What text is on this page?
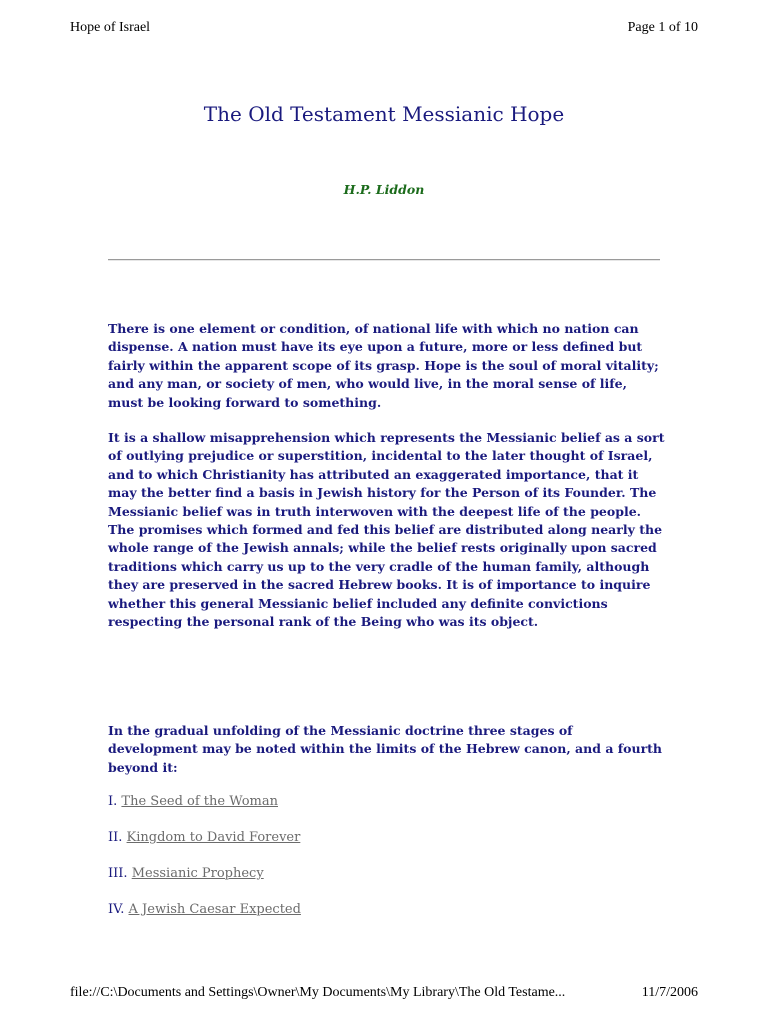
Hope of Israel	Page 1 of 10
The Old Testament Messianic Hope
H.P. Liddon

There is one element or condition, of national life with which no nation can dispense. A nation must have its eye upon a future, more or less defined but fairly within the apparent scope of its grasp. Hope is the soul of moral vitality; and any man, or society of men, who would live, in the moral sense of life, must be looking forward to something.

It is a shallow misapprehension which represents the Messianic belief as a sort of outlying prejudice or superstition, incidental to the later thought of Israel, and to which Christianity has attributed an exaggerated importance, that it may the better find a basis in Jewish history for the Person of its Founder. The Messianic belief was in truth interwoven with the deepest life of the people. The promises which formed and fed this belief are distributed along nearly the whole range of the Jewish annals; while the belief rests originally upon sacred traditions which carry us up to the very cradle of the human family, although they are preserved in the sacred Hebrew books. It is of importance to inquire whether this general Messianic belief included any definite convictions respecting the personal rank of the Being who was its object.

In the gradual unfolding of the Messianic doctrine three stages of development may be noted within the limits of the Hebrew canon, and a fourth beyond it:

I. The Seed of the Woman
II. Kingdom to David Forever
III. Messianic Prophecy
IV. A Jewish Caesar Expected
file://C:\Documents and Settings\Owner\My Documents\My Library\The Old Testame...	11/7/2006
